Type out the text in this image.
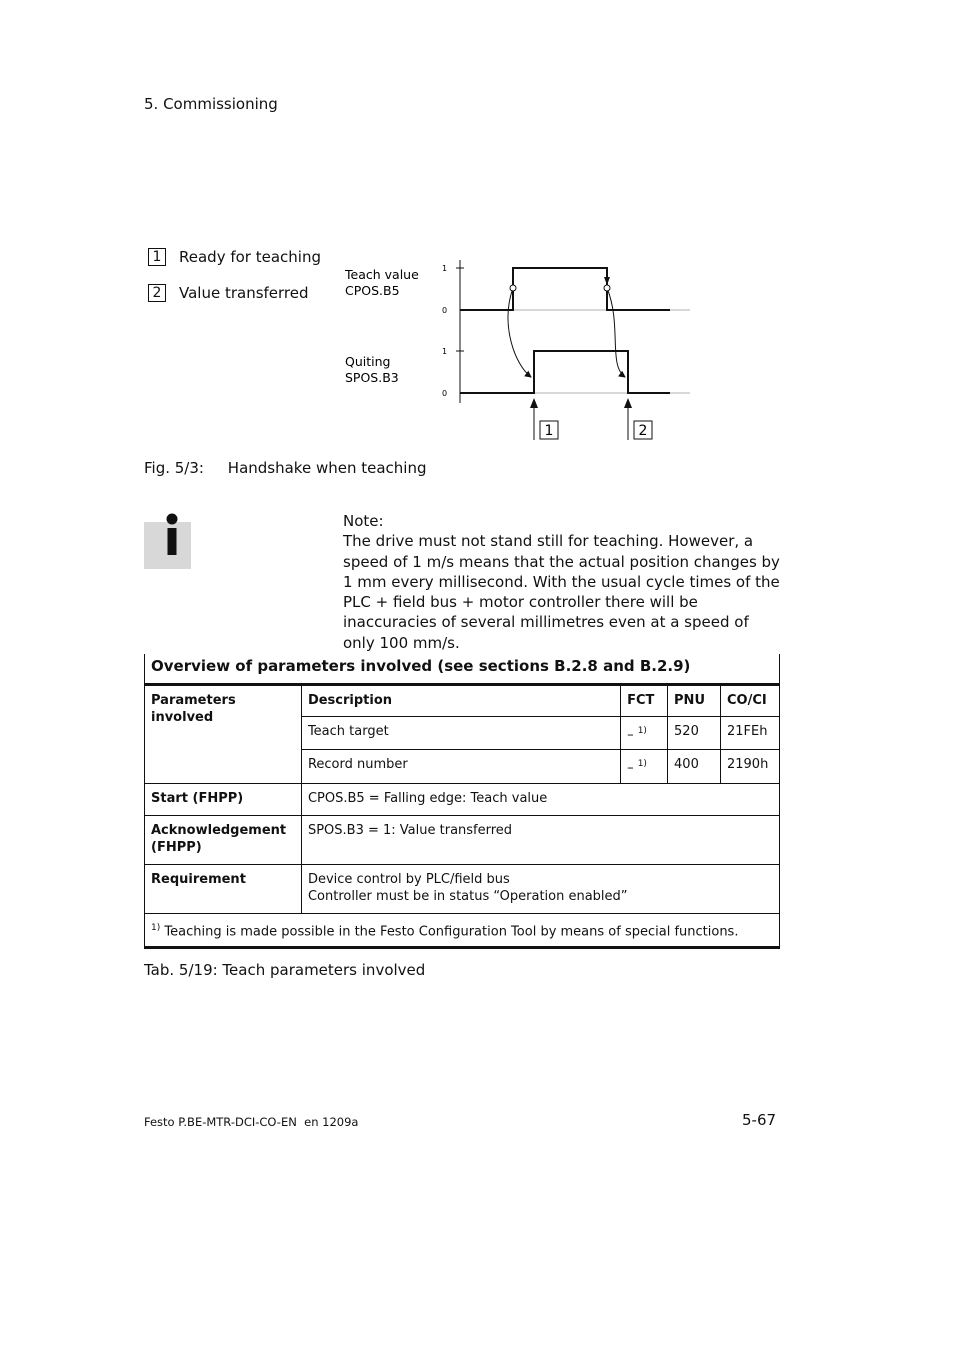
5. Commissioning
1	Ready for teaching
2	Value transferred
Teach value
CPOS.B5
Quiting
SPOS.B3
1
0
1
0
1	2
Fig. 5/3:     Handshake when teaching
Note:
The drive must not stand still for teaching. However, a speed of 1 m/s means that the actual position changes by 1 mm every millisecond. With the usual cycle times of the PLC + field bus + motor controller there will be inaccuracies of several millimetres even at a speed of only 100 mm/s.
Overview of parameters involved (see sections B.2.8 and B.2.9)				
Parameters involved	Description	FCT	PNU	CO/CI
	Teach target	– $^{1)}$	520	21FEh
	Record number	– $^{1)}$	400	2190h
Start (FHPP)	CPOS.B5 = Falling edge: Teach value			
Acknowledgement (FHPP)	SPOS.B3 = 1: Value transferred			
Requirement	Device control by PLC/field bus
Controller must be in status “Operation enabled”			

$^{1)}$ Teaching is made possible in the Festo Configuration Tool by means of special functions.				
Tab. 5/19: Teach parameters involved
Festo P.BE-MTR-DCI-CO-EN  en 1209a	5-67
